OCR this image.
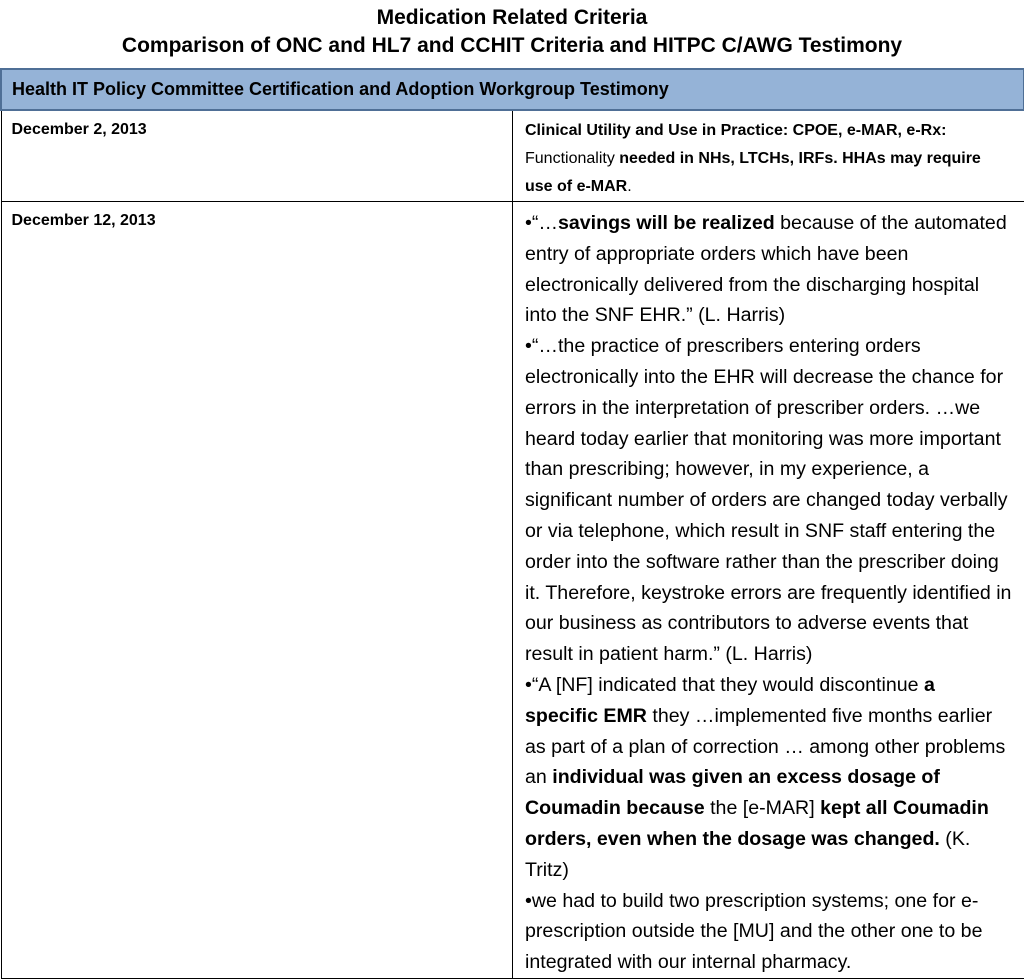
Medication Related Criteria
Comparison of ONC and HL7 and CCHIT Criteria and HITPC C/AWG Testimony
Health IT Policy Committee Certification and Adoption Workgroup Testimony	
December 2, 2013	Clinical Utility and Use in Practice: CPOE, e-MAR, e-Rx: Functionality needed in NHs, LTCHs, IRFs. HHAs may require use of e-MAR.

December 12, 2013	•“…savings will be realized because of the automated entry of appropriate orders which have been electronically delivered from the discharging hospital into the SNF EHR.” (L. Harris)

•“…the practice of prescribers entering orders electronically into the EHR will decrease the chance for errors in the interpretation of prescriber orders. …we heard today earlier that monitoring was more important than prescribing; however, in my experience, a significant number of orders are changed today verbally or via telephone, which result in SNF staff entering the order into the software rather than the prescriber doing it. Therefore, keystroke errors are frequently identified in our business as contributors to adverse events that result in patient harm.” (L. Harris)

•“A [NF] indicated that they would discontinue a specific EMR they …implemented five months earlier as part of a plan of correction … among other problems an individual was given an excess dosage of Coumadin because the [e-MAR] kept all Coumadin orders, even when the dosage was changed. (K. Tritz)

•we had to build two prescription systems; one for e-prescription outside the [MU] and the other one to be integrated with our internal pharmacy.
